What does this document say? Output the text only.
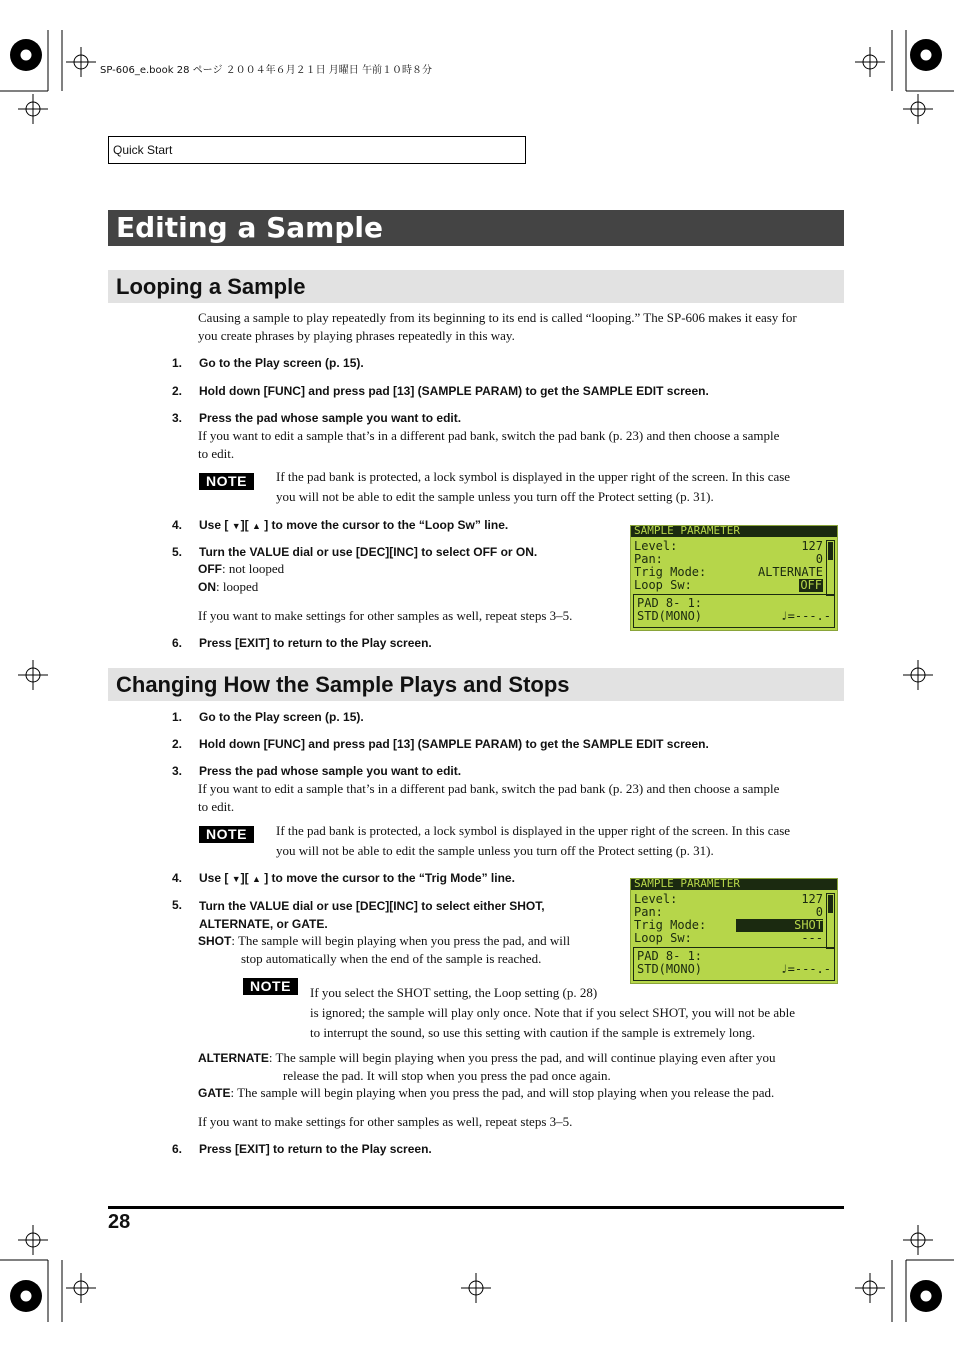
SP-606_e.book 28 ページ ２００４年６月２１日 月曜日 午前１０時８分
Quick Start
Editing a Sample
Looping a Sample
Causing a sample to play repeatedly from its beginning to its end is called “looping.” The SP-606 makes it easy for
you create phrases by playing phrases repeatedly in this way.
1.	Go to the Play screen (p. 15).
2.	Hold down [FUNC] and press pad [13] (SAMPLE PARAM) to get the SAMPLE EDIT screen.
3.	Press the pad whose sample you want to edit.
If you want to edit a sample that’s in a different pad bank, switch the pad bank (p. 23) and then choose a sample
to edit.
NOTE	If the pad bank is protected, a lock symbol is displayed in the upper right of the screen. In this case
you will not be able to edit the sample unless you turn off the Protect setting (p. 31).
4.	Use [ ▼][ ▲ ] to move the cursor to the “Loop Sw” line.
5.	Turn the VALUE dial or use [DEC][INC] to select OFF or ON.
OFF: not looped
ON: looped
If you want to make settings for other samples as well, repeat steps 3–5.
6.	Press [EXIT] to return to the Play screen.
SAMPLE PARAMETER
Level:	127
Pan:	0
Trig Mode:	ALTERNATE
Loop Sw:	OFF
PAD 8- 1:
STD(MONO)	♩=---.-
Changing How the Sample Plays and Stops
1.	Go to the Play screen (p. 15).
2.	Hold down [FUNC] and press pad [13] (SAMPLE PARAM) to get the SAMPLE EDIT screen.
3.	Press the pad whose sample you want to edit.
If you want to edit a sample that’s in a different pad bank, switch the pad bank (p. 23) and then choose a sample
to edit.
NOTE	If the pad bank is protected, a lock symbol is displayed in the upper right of the screen. In this case
you will not be able to edit the sample unless you turn off the Protect setting (p. 31).
4.	Use [ ▼][ ▲ ] to move the cursor to the “Trig Mode” line.
5.	Turn the VALUE dial or use [DEC][INC] to select either SHOT,
ALTERNATE, or GATE.
SHOT: The sample will begin playing when you press the pad, and will
stop automatically when the end of the sample is reached.
NOTE	If you select the SHOT setting, the Loop setting (p. 28)
is ignored; the sample will play only once. Note that if you select SHOT, you will not be able
to interrupt the sound, so use this setting with caution if the sample is extremely long.
ALTERNATE: The sample will begin playing when you press the pad, and will continue playing even after you
release the pad. It will stop when you press the pad once again.
GATE: The sample will begin playing when you press the pad, and will stop playing when you release the pad.
If you want to make settings for other samples as well, repeat steps 3–5.
6.	Press [EXIT] to return to the Play screen.
SAMPLE PARAMETER
Level:	127
Pan:	0
Trig Mode:	SHOT
Loop Sw:	---
PAD 8- 1:
STD(MONO)	♩=---.-
28
